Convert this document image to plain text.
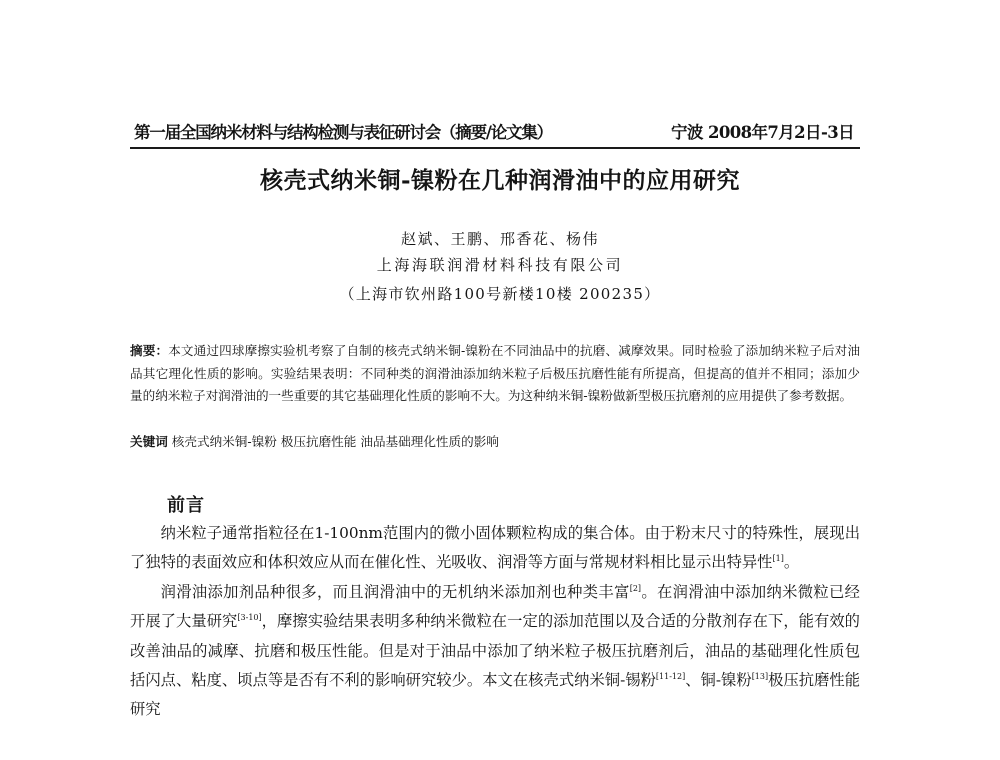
第一届全国纳米材料与结构检测与表征研讨会（摘要/论文集）	宁波 2008年7月2日-3日
核壳式纳米铜-镍粉在几种润滑油中的应用研究
赵斌、王鹏、邢香花、杨伟
上海海联润滑材料科技有限公司
（上海市钦州路100号新楼10楼 200235）
摘要：本文通过四球摩擦实验机考察了自制的核壳式纳米铜-镍粉在不同油品中的抗磨、减摩效果。同时检验了添加纳米粒子后对油品其它理化性质的影响。实验结果表明：不同种类的润滑油添加纳米粒子后极压抗磨性能有所提高，但提高的值并不相同；添加少量的纳米粒子对润滑油的一些重要的其它基础理化性质的影响不大。为这种纳米铜-镍粉做新型极压抗磨剂的应用提供了参考数据。
关键词 核壳式纳米铜-镍粉 极压抗磨性能 油品基础理化性质的影响
前言

纳米粒子通常指粒径在1-100nm范围内的微小固体颗粒构成的集合体。由于粉末尺寸的特殊性，展现出了独特的表面效应和体积效应从而在催化性、光吸收、润滑等方面与常规材料相比显示出特异性[1]。

润滑油添加剂品种很多，而且润滑油中的无机纳米添加剂也种类丰富[2]。在润滑油中添加纳米微粒已经开展了大量研究[3-10]，摩擦实验结果表明多种纳米微粒在一定的添加范围以及合适的分散剂存在下，能有效的改善油品的减摩、抗磨和极压性能。但是对于油品中添加了纳米粒子极压抗磨剂后，油品的基础理化性质包括闪点、粘度、顷点等是否有不利的影响研究较少。本文在核壳式纳米铜-锡粉[11-12]、铜-镍粉[13]极压抗磨性能研究
